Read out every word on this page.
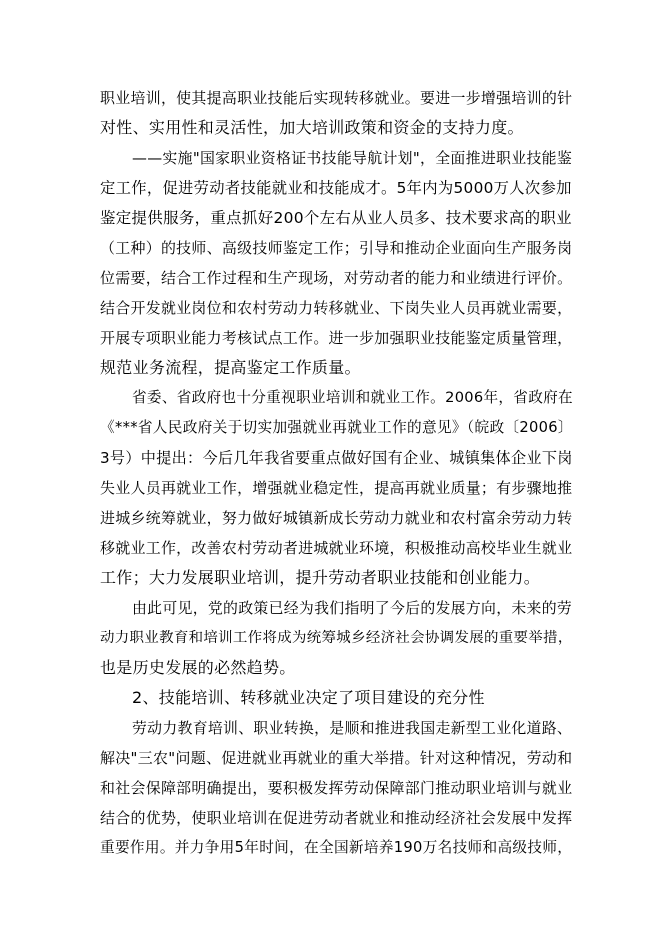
职业培训，使其提高职业技能后实现转移就业。要进一步增强培训的针
对性、实用性和灵活性，加大培训政策和资金的支持力度。
——实施"国家职业资格证书技能导航计划"，全面推进职业技能鉴
定工作，促进劳动者技能就业和技能成才。5年内为5000万人次参加
鉴定提供服务，重点抓好200个左右从业人员多、技术要求高的职业
（工种）的技师、高级技师鉴定工作；引导和推动企业面向生产服务岗
位需要，结合工作过程和生产现场，对劳动者的能力和业绩进行评价。
结合开发就业岗位和农村劳动力转移就业、下岗失业人员再就业需要，
开展专项职业能力考核试点工作。进一步加强职业技能鉴定质量管理，
规范业务流程，提高鉴定工作质量。
省委、省政府也十分重视职业培训和就业工作。2006年，省政府在
《***省人民政府关于切实加强就业再就业工作的意见》（皖政〔2006〕
3号）中提出：今后几年我省要重点做好国有企业、城镇集体企业下岗
失业人员再就业工作，增强就业稳定性，提高再就业质量；有步骤地推
进城乡统筹就业，努力做好城镇新成长劳动力就业和农村富余劳动力转
移就业工作，改善农村劳动者进城就业环境，积极推动高校毕业生就业
工作；大力发展职业培训，提升劳动者职业技能和创业能力。
由此可见，党的政策已经为我们指明了今后的发展方向，未来的劳
动力职业教育和培训工作将成为统筹城乡经济社会协调发展的重要举措，
也是历史发展的必然趋势。
2、技能培训、转移就业决定了项目建设的充分性
劳动力教育培训、职业转换，是顺和推进我国走新型工业化道路、
解决"三农"问题、促进就业再就业的重大举措。针对这种情况，劳动和
和社会保障部明确提出，要积极发挥劳动保障部门推动职业培训与就业
结合的优势，使职业培训在促进劳动者就业和推动经济社会发展中发挥
重要作用。并力争用5年时间，在全国新培养190万名技师和高级技师，
